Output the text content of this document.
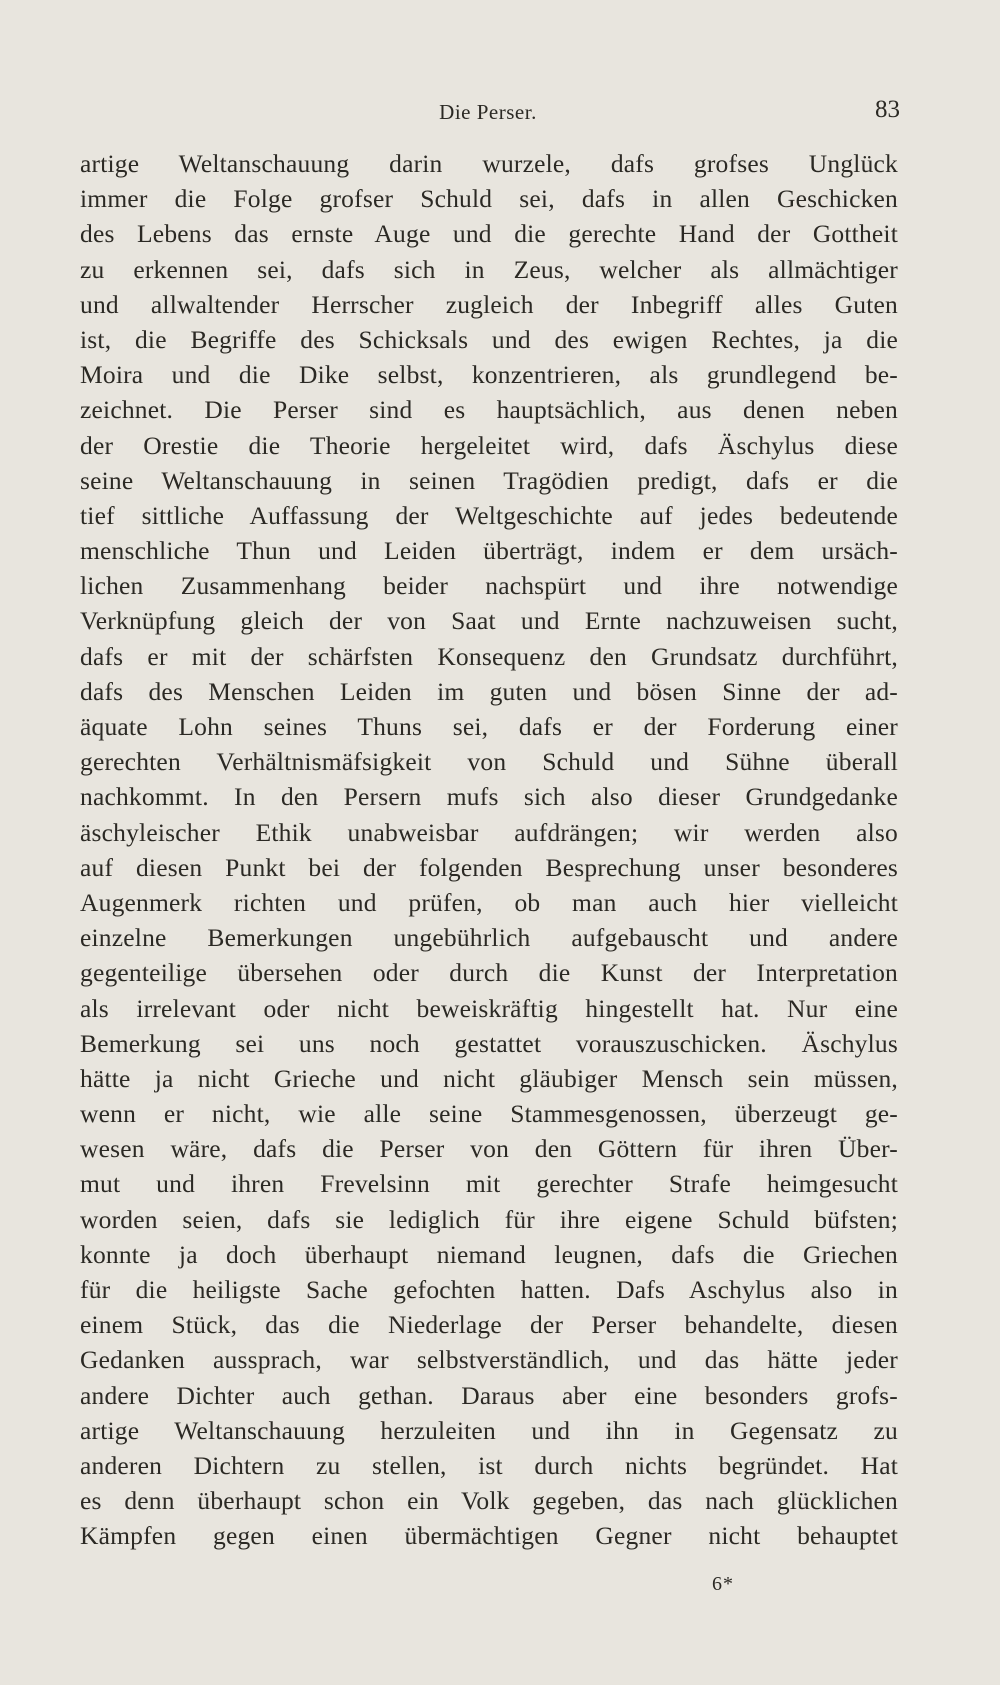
Die Perser.	83
artige Weltanschauung darin wurzele, dafs grofses Unglück
immer die Folge grofser Schuld sei, dafs in allen Geschicken
des Lebens das ernste Auge und die gerechte Hand der Gottheit
zu erkennen sei, dafs sich in Zeus, welcher als allmächtiger
und allwaltender Herrscher zugleich der Inbegriff alles Guten
ist, die Begriffe des Schicksals und des ewigen Rechtes, ja die
Moira und die Dike selbst, konzentrieren, als grundlegend be-
zeichnet. Die Perser sind es hauptsächlich, aus denen neben
der Orestie die Theorie hergeleitet wird, dafs Äschylus diese
seine Weltanschauung in seinen Tragödien predigt, dafs er die
tief sittliche Auffassung der Weltgeschichte auf jedes bedeutende
menschliche Thun und Leiden überträgt, indem er dem ursäch-
lichen Zusammenhang beider nachspürt und ihre notwendige
Verknüpfung gleich der von Saat und Ernte nachzuweisen sucht,
dafs er mit der schärfsten Konsequenz den Grundsatz durchführt,
dafs des Menschen Leiden im guten und bösen Sinne der ad-
äquate Lohn seines Thuns sei, dafs er der Forderung einer
gerechten Verhältnismäfsigkeit von Schuld und Sühne überall
nachkommt. In den Persern mufs sich also dieser Grundgedanke
äschyleischer Ethik unabweisbar aufdrängen; wir werden also
auf diesen Punkt bei der folgenden Besprechung unser besonderes
Augenmerk richten und prüfen, ob man auch hier vielleicht
einzelne Bemerkungen ungebührlich aufgebauscht und andere
gegenteilige übersehen oder durch die Kunst der Interpretation
als irrelevant oder nicht beweiskräftig hingestellt hat. Nur eine
Bemerkung sei uns noch gestattet vorauszuschicken. Äschylus
hätte ja nicht Grieche und nicht gläubiger Mensch sein müssen,
wenn er nicht, wie alle seine Stammesgenossen, überzeugt ge-
wesen wäre, dafs die Perser von den Göttern für ihren Über-
mut und ihren Frevelsinn mit gerechter Strafe heimgesucht
worden seien, dafs sie lediglich für ihre eigene Schuld büfsten;
konnte ja doch überhaupt niemand leugnen, dafs die Griechen
für die heiligste Sache gefochten hatten. Dafs Aschylus also in
einem Stück, das die Niederlage der Perser behandelte, diesen
Gedanken aussprach, war selbstverständlich, und das hätte jeder
andere Dichter auch gethan. Daraus aber eine besonders grofs-
artige Weltanschauung herzuleiten und ihn in Gegensatz zu
anderen Dichtern zu stellen, ist durch nichts begründet. Hat
es denn überhaupt schon ein Volk gegeben, das nach glücklichen
Kämpfen gegen einen übermächtigen Gegner nicht behauptet
6*
